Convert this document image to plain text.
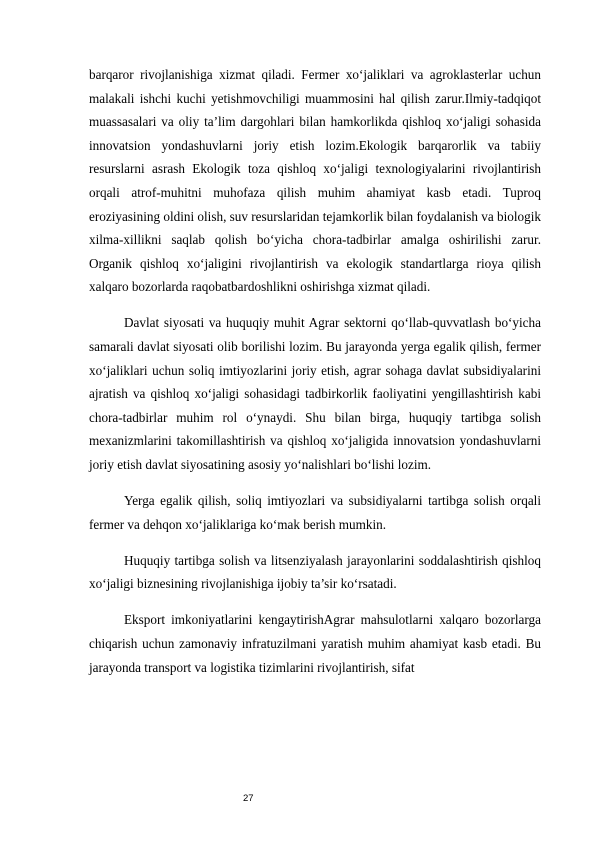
barqaror rivojlanishiga xizmat qiladi. Fermer xo‘jaliklari va agroklasterlar uchun malakali ishchi kuchi yetishmovchiligi muammosini hal qilish zarur.Ilmiy-tadqiqot muassasalari va oliy ta’lim dargohlari bilan hamkorlikda qishloq xo‘jaligi sohasida innovatsion yondashuvlarni joriy etish lozim.Ekologik barqarorlik va tabiiy resurslarni asrash Ekologik toza qishloq xo‘jaligi texnologiyalarini rivojlantirish orqali atrof-muhitni muhofaza qilish muhim ahamiyat kasb etadi. Tuproq eroziyasining oldini olish, suv resurslaridan tejamkorlik bilan foydalanish va biologik xilma-xillikni saqlab qolish bo‘yicha chora-tadbirlar amalga oshirilishi zarur. Organik qishloq xo‘jaligini rivojlantirish va ekologik standartlarga rioya qilish xalqaro bozorlarda raqobatbardoshlikni oshirishga xizmat qiladi.

Davlat siyosati va huquqiy muhit Agrar sektorni qo‘llab-quvvatlash bo‘yicha samarali davlat siyosati olib borilishi lozim. Bu jarayonda yerga egalik qilish, fermer xo‘jaliklari uchun soliq imtiyozlarini joriy etish, agrar sohaga davlat subsidiyalarini ajratish va qishloq xo‘jaligi sohasidagi tadbirkorlik faoliyatini yengillashtirish kabi chora-tadbirlar muhim rol o‘ynaydi. Shu bilan birga, huquqiy tartibga solish mexanizmlarini takomillashtirish va qishloq xo‘jaligida innovatsion yondashuvlarni joriy etish davlat siyosatining asosiy yo‘nalishlari bo‘lishi lozim.

Yerga egalik qilish, soliq imtiyozlari va subsidiyalarni tartibga solish orqali fermer va dehqon xo‘jaliklariga ko‘mak berish mumkin.

Huquqiy tartibga solish va litsenziyalash jarayonlarini soddalashtirish qishloq xo‘jaligi biznesining rivojlanishiga ijobiy ta’sir ko‘rsatadi.

Eksport imkoniyatlarini kengaytirishAgrar mahsulotlarni xalqaro bozorlarga chiqarish uchun zamonaviy infratuzilmani yaratish muhim ahamiyat kasb etadi. Bu jarayonda transport va logistika tizimlarini rivojlantirish, sifat

27
